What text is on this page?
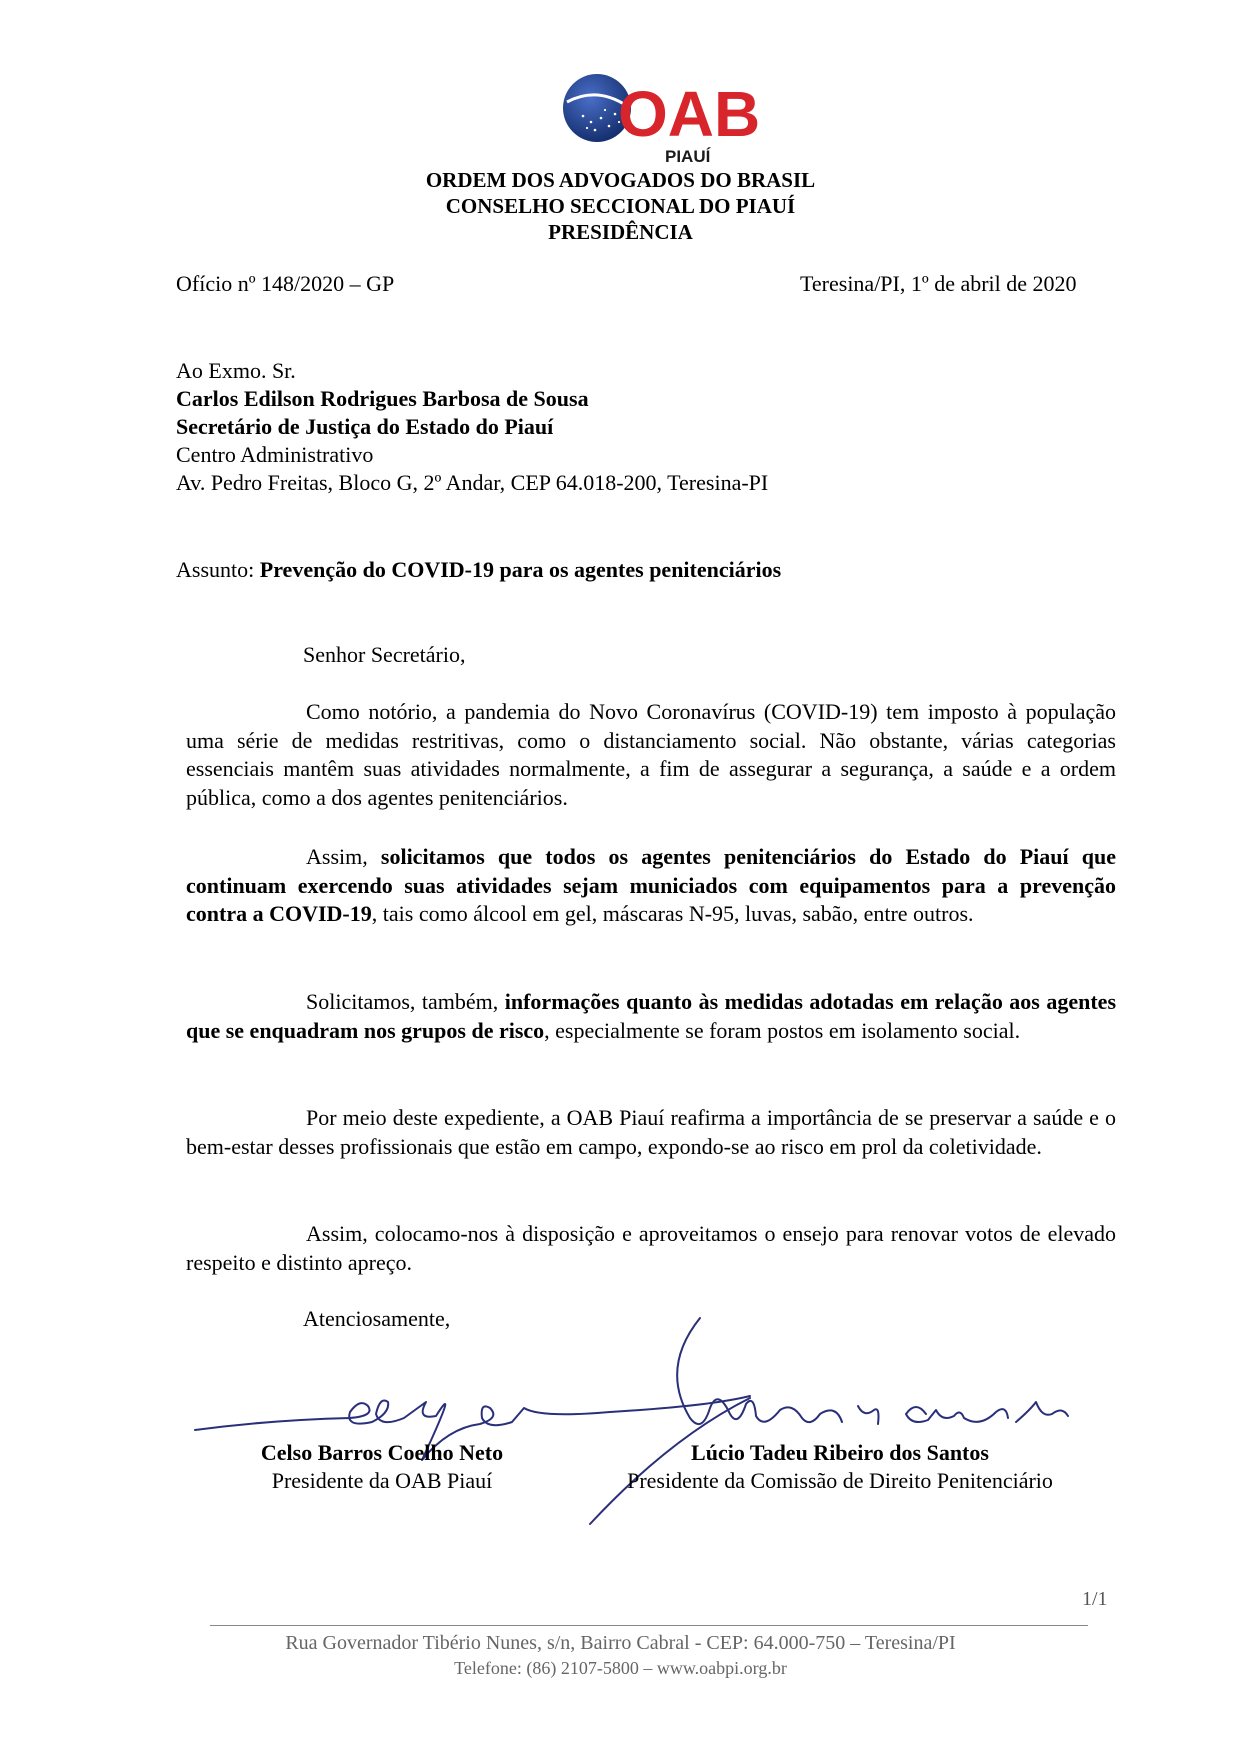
OAB
PIAUÍ
ORDEM DOS ADVOGADOS DO BRASIL
CONSELHO SECCIONAL DO PIAUÍ
PRESIDÊNCIA
Ofício nº 148/2020 – GP	Teresina/PI, 1º de abril de 2020
Ao Exmo. Sr.
Carlos Edilson Rodrigues Barbosa de Sousa
Secretário de Justiça do Estado do Piauí
Centro Administrativo
Av. Pedro Freitas, Bloco G, 2º Andar, CEP 64.018-200, Teresina-PI
Assunto: Prevenção do COVID-19 para os agentes penitenciários
Senhor Secretário,
Como notório, a pandemia do Novo Coronavírus (COVID-19) tem imposto à população uma série de medidas restritivas, como o distanciamento social. Não obstante, várias categorias essenciais mantêm suas atividades normalmente, a fim de assegurar a segurança, a saúde e a ordem pública, como a dos agentes penitenciários.
Assim, solicitamos que todos os agentes penitenciários do Estado do Piauí que continuam exercendo suas atividades sejam municiados com equipamentos para a prevenção contra a COVID-19, tais como álcool em gel, máscaras N-95, luvas, sabão, entre outros.
Solicitamos, também, informações quanto às medidas adotadas em relação aos agentes que se enquadram nos grupos de risco, especialmente se foram postos em isolamento social.
Por meio deste expediente, a OAB Piauí reafirma a importância de se preservar a saúde e o bem-estar desses profissionais que estão em campo, expondo-se ao risco em prol da coletividade.
Assim, colocamo-nos à disposição e aproveitamos o ensejo para renovar votos de elevado respeito e distinto apreço.
Atenciosamente,
Celso Barros Coelho Neto
Presidente da OAB Piauí
Lúcio Tadeu Ribeiro dos Santos
Presidente da Comissão de Direito Penitenciário
1/1
Rua Governador Tibério Nunes, s/n, Bairro Cabral - CEP: 64.000-750 – Teresina/PI
Telefone: (86) 2107-5800 – www.oabpi.org.br
